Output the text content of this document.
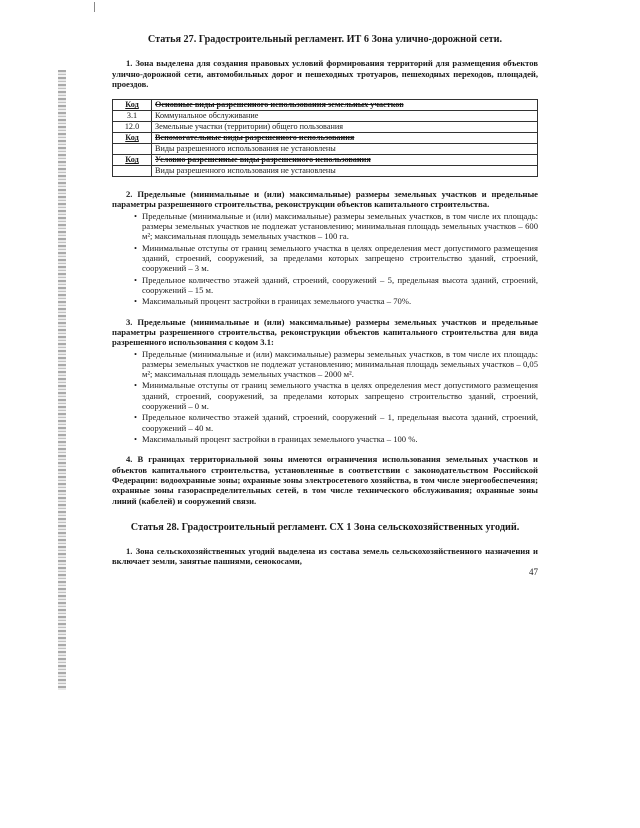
Статья 27. Градостроительный регламент. ИТ 6 Зона улично-дорожной сети.

1. Зона выделена для создания правовых условий формирования территорий для размещения объектов улично-дорожной сети, автомобильных дорог и пешеходных тротуаров, пешеходных переходов, площадей, проездов.

Код	Основные виды разрешенного использования земельных участков
3.1	Коммунальное обслуживание
12.0	Земельные участки (территории) общего пользования
Код	Вспомогательные виды разрешенного использования
	Виды разрешенного использования не установлены
Код	Условно разрешенные виды разрешенного использования
	Виды разрешенного использования не установлены

2. Предельные (минимальные и (или) максимальные) размеры земельных участков и предельные параметры разрешенного строительства, реконструкции объектов капитального строительства.

• Предельные (минимальные и (или) максимальные) размеры земельных участков, в том числе их площадь: размеры земельных участков не подлежат установлению; минимальная площадь земельных участков – 600 м²; максимальная площадь земельных участков – 100 га.
• Минимальные отступы от границ земельного участка в целях определения мест допустимого размещения зданий, строений, сооружений, за пределами которых запрещено строительство зданий, строений, сооружений – 3 м.
• Предельное количество этажей зданий, строений, сооружений – 5, предельная высота зданий, строений, сооружений – 15 м.
• Максимальный процент застройки в границах земельного участка – 70%.

3. Предельные (минимальные и (или) максимальные) размеры земельных участков и предельные параметры разрешенного строительства, реконструкции объектов капитального строительства для вида разрешенного использования с кодом 3.1:

• Предельные (минимальные и (или) максимальные) размеры земельных участков, в том числе их площадь: размеры земельных участков не подлежат установлению; минимальная площадь земельных участков – 0,05 м²; максимальная площадь земельных участков – 2000 м².
• Минимальные отступы от границ земельного участка в целях определения мест допустимого размещения зданий, строений, сооружений, за пределами которых запрещено строительство зданий, строений, сооружений – 0 м.
• Предельное количество этажей зданий, строений, сооружений – 1, предельная высота зданий, строений, сооружений – 40 м.
• Максимальный процент застройки в границах земельного участка – 100 %.

4. В границах территориальной зоны имеются ограничения использования земельных участков и объектов капитального строительства, установленные в соответствии с законодательством Российской Федерации: водоохранные зоны; охранные зоны электросетевого хозяйства, в том числе энергообеспечения; охранные зоны газораспределительных сетей, в том числе технического обслуживания; охранные зоны линий (кабелей) и сооружений связи.

Статья 28. Градостроительный регламент. СХ 1 Зона сельскохозяйственных угодий.

1. Зона сельскохозяйственных угодий выделена из состава земель сельскохозяйственного назначения и включает земли, занятые пашнями, сенокосами,

47
